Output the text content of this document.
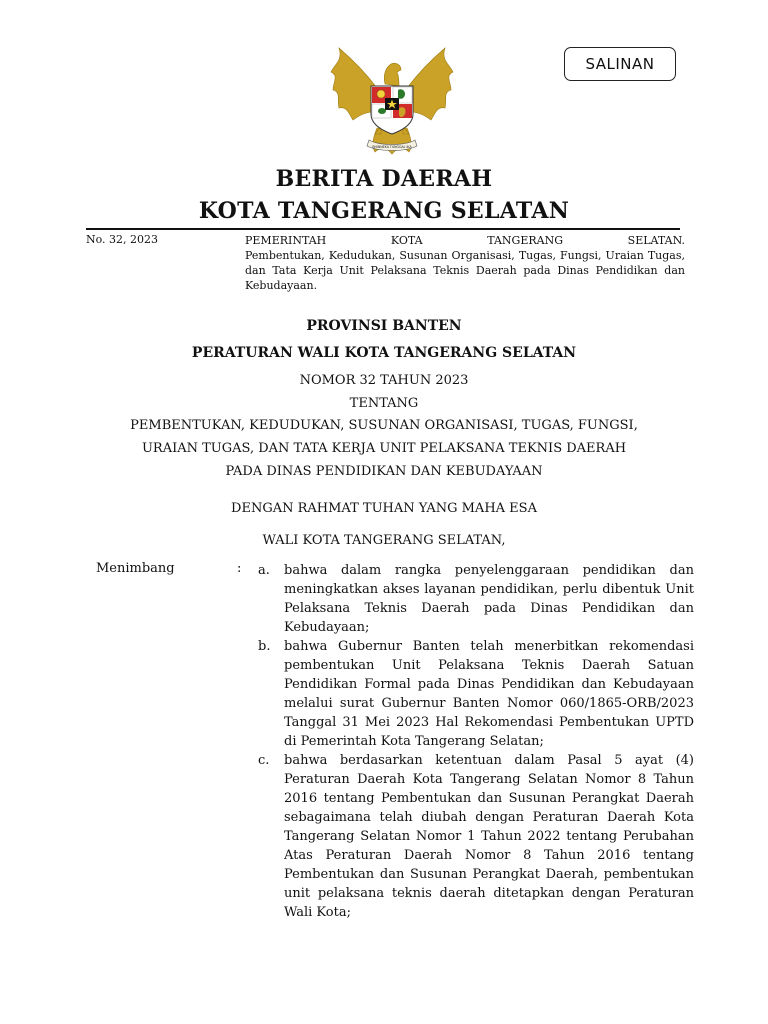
BHINNEKA TUNGGAL IKA
SALINAN
BERITA DAERAH
KOTA TANGERANG SELATAN
No. 32, 2023	PEMERINTAH KOTA TANGERANG SELATAN.
Pembentukan, Kedudukan, Susunan Organisasi, Tugas, Fungsi, Uraian Tugas, dan Tata Kerja Unit Pelaksana Teknis Daerah pada Dinas Pendidikan dan Kebudayaan.
PROVINSI BANTEN
PERATURAN WALI KOTA TANGERANG SELATAN
NOMOR 32 TAHUN 2023
TENTANG
PEMBENTUKAN, KEDUDUKAN, SUSUNAN ORGANISASI, TUGAS, FUNGSI,
URAIAN TUGAS, DAN TATA KERJA UNIT PELAKSANA TEKNIS DAERAH
PADA DINAS PENDIDIKAN DAN KEBUDAYAAN
DENGAN RAHMAT TUHAN YANG MAHA ESA
WALI KOTA TANGERANG SELATAN,
Menimbang	: a. bahwa dalam rangka penyelenggaraan pendidikan dan meningkatkan akses layanan pendidikan, perlu dibentuk Unit Pelaksana Teknis Daerah pada Dinas Pendidikan dan Kebudayaan;
b. bahwa Gubernur Banten telah menerbitkan rekomendasi pembentukan Unit Pelaksana Teknis Daerah Satuan Pendidikan Formal pada Dinas Pendidikan dan Kebudayaan melalui surat Gubernur Banten Nomor 060/1865-ORB/2023 Tanggal 31 Mei 2023 Hal Rekomendasi Pembentukan UPTD di Pemerintah Kota Tangerang Selatan;
c. bahwa berdasarkan ketentuan dalam Pasal 5 ayat (4) Peraturan Daerah Kota Tangerang Selatan Nomor 8 Tahun 2016 tentang Pembentukan dan Susunan Perangkat Daerah sebagaimana telah diubah dengan Peraturan Daerah Kota Tangerang Selatan Nomor 1 Tahun 2022 tentang Perubahan Atas Peraturan Daerah Nomor 8 Tahun 2016 tentang Pembentukan dan Susunan Perangkat Daerah, pembentukan unit pelaksana teknis daerah ditetapkan dengan Peraturan Wali Kota;
